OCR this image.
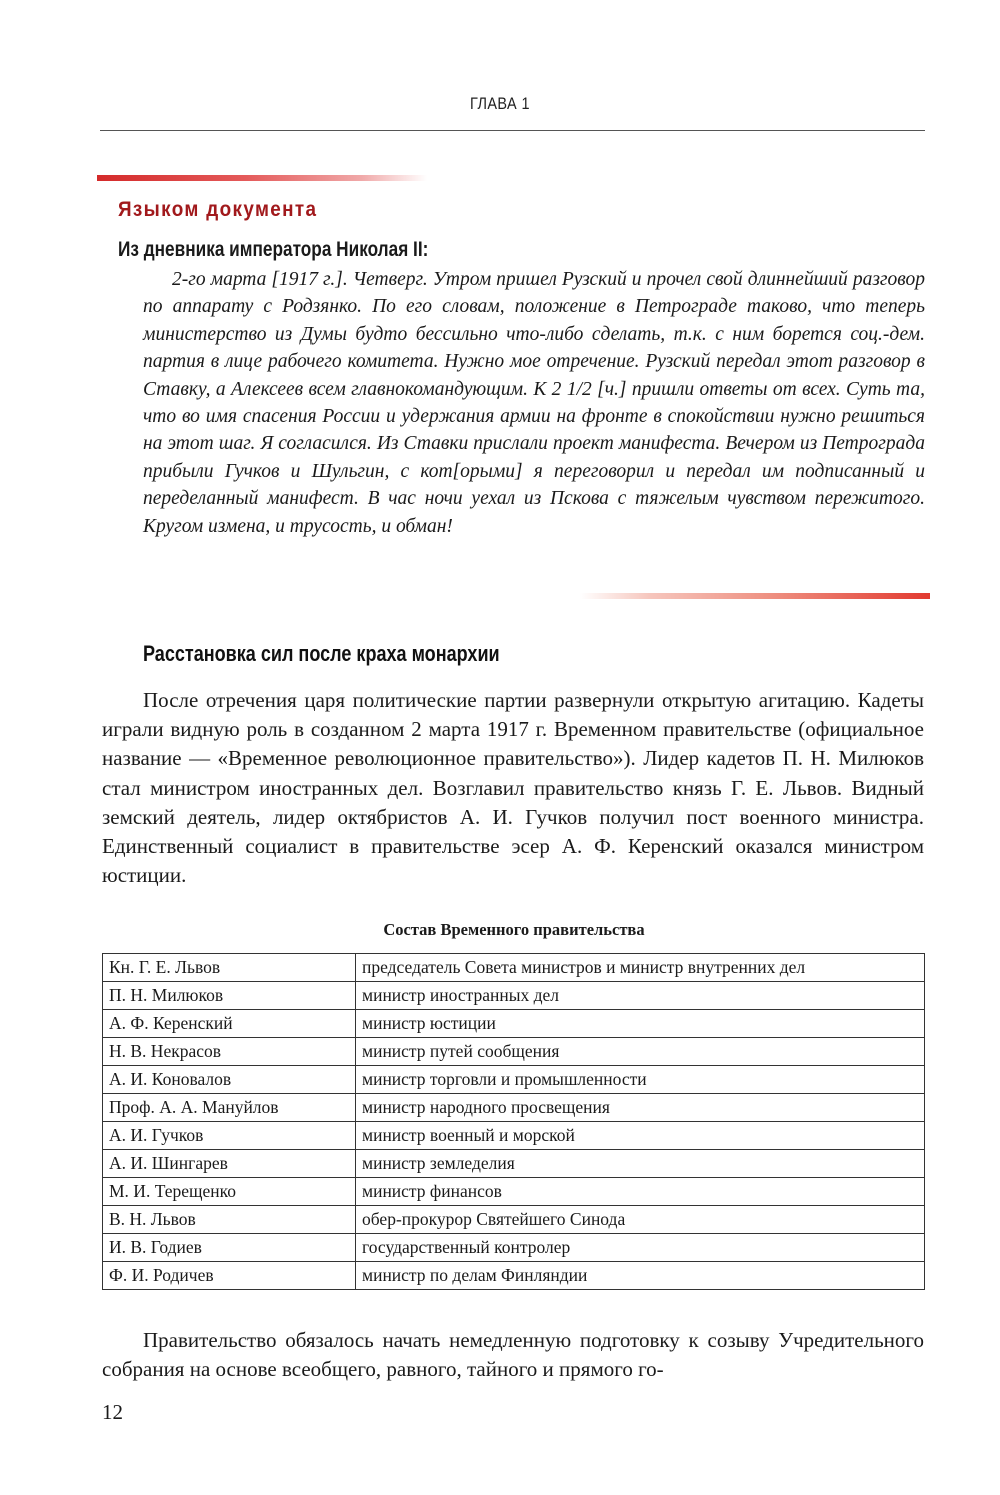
ГЛАВА 1
Языком документа
Из дневника императора Николая II:

2-го марта [1917 г.]. Четверг. Утром пришел Рузский и прочел свой длиннейший разговор по аппарату с Родзянко. По его словам, положение в Петрограде таково, что теперь министерство из Думы будто бессильно что-либо сделать, т.к. с ним борется соц.-дем. партия в лице рабочего комитета. Нужно мое отречение. Рузский передал этот разговор в Ставку, а Алексеев всем главнокомандующим. К 2 1/2 [ч.] пришли ответы от всех. Суть та, что во имя спасения России и удержания армии на фронте в спокойствии нужно решиться на этот шаг. Я согласился. Из Ставки прислали проект манифеста. Вечером из Петрограда прибыли Гучков и Шульгин, с кот[орыми] я переговорил и передал им подписанный и переделанный манифест. В час ночи уехал из Пскова с тяжелым чувством пережитого. Кругом измена, и трусость, и обман!

Расстановка сил после краха монархии

После отречения царя политические партии развернули открытую агитацию. Кадеты играли видную роль в созданном 2 марта 1917 г. Временном правительстве (официальное название — «Временное революционное правительство»). Лидер кадетов П. Н. Милюков стал министром иностранных дел. Возглавил правительство князь Г. Е. Львов. Видный земский деятель, лидер октябристов А. И. Гучков получил пост военного министра. Единственный социалист в правительстве эсер А. Ф. Керенский оказался министром юстиции.

Состав Временного правительства
Кн. Г. Е. Львов	председатель Совета министров и министр внутренних дел
П. Н. Милюков	министр иностранных дел
А. Ф. Керенский	министр юстиции
Н. В. Некрасов	министр путей сообщения
А. И. Коновалов	министр торговли и промышленности
Проф. А. А. Мануйлов	министр народного просвещения
А. И. Гучков	министр военный и морской
А. И. Шингарев	министр земледелия
М. И. Терещенко	министр финансов
В. Н. Львов	обер-прокурор Святейшего Синода
И. В. Годиев	государственный контролер
Ф. И. Родичев	министр по делам Финляндии

Правительство обязалось начать немедленную подготовку к созыву Учредительного собрания на основе всеобщего, равного, тайного и прямого го-

12
